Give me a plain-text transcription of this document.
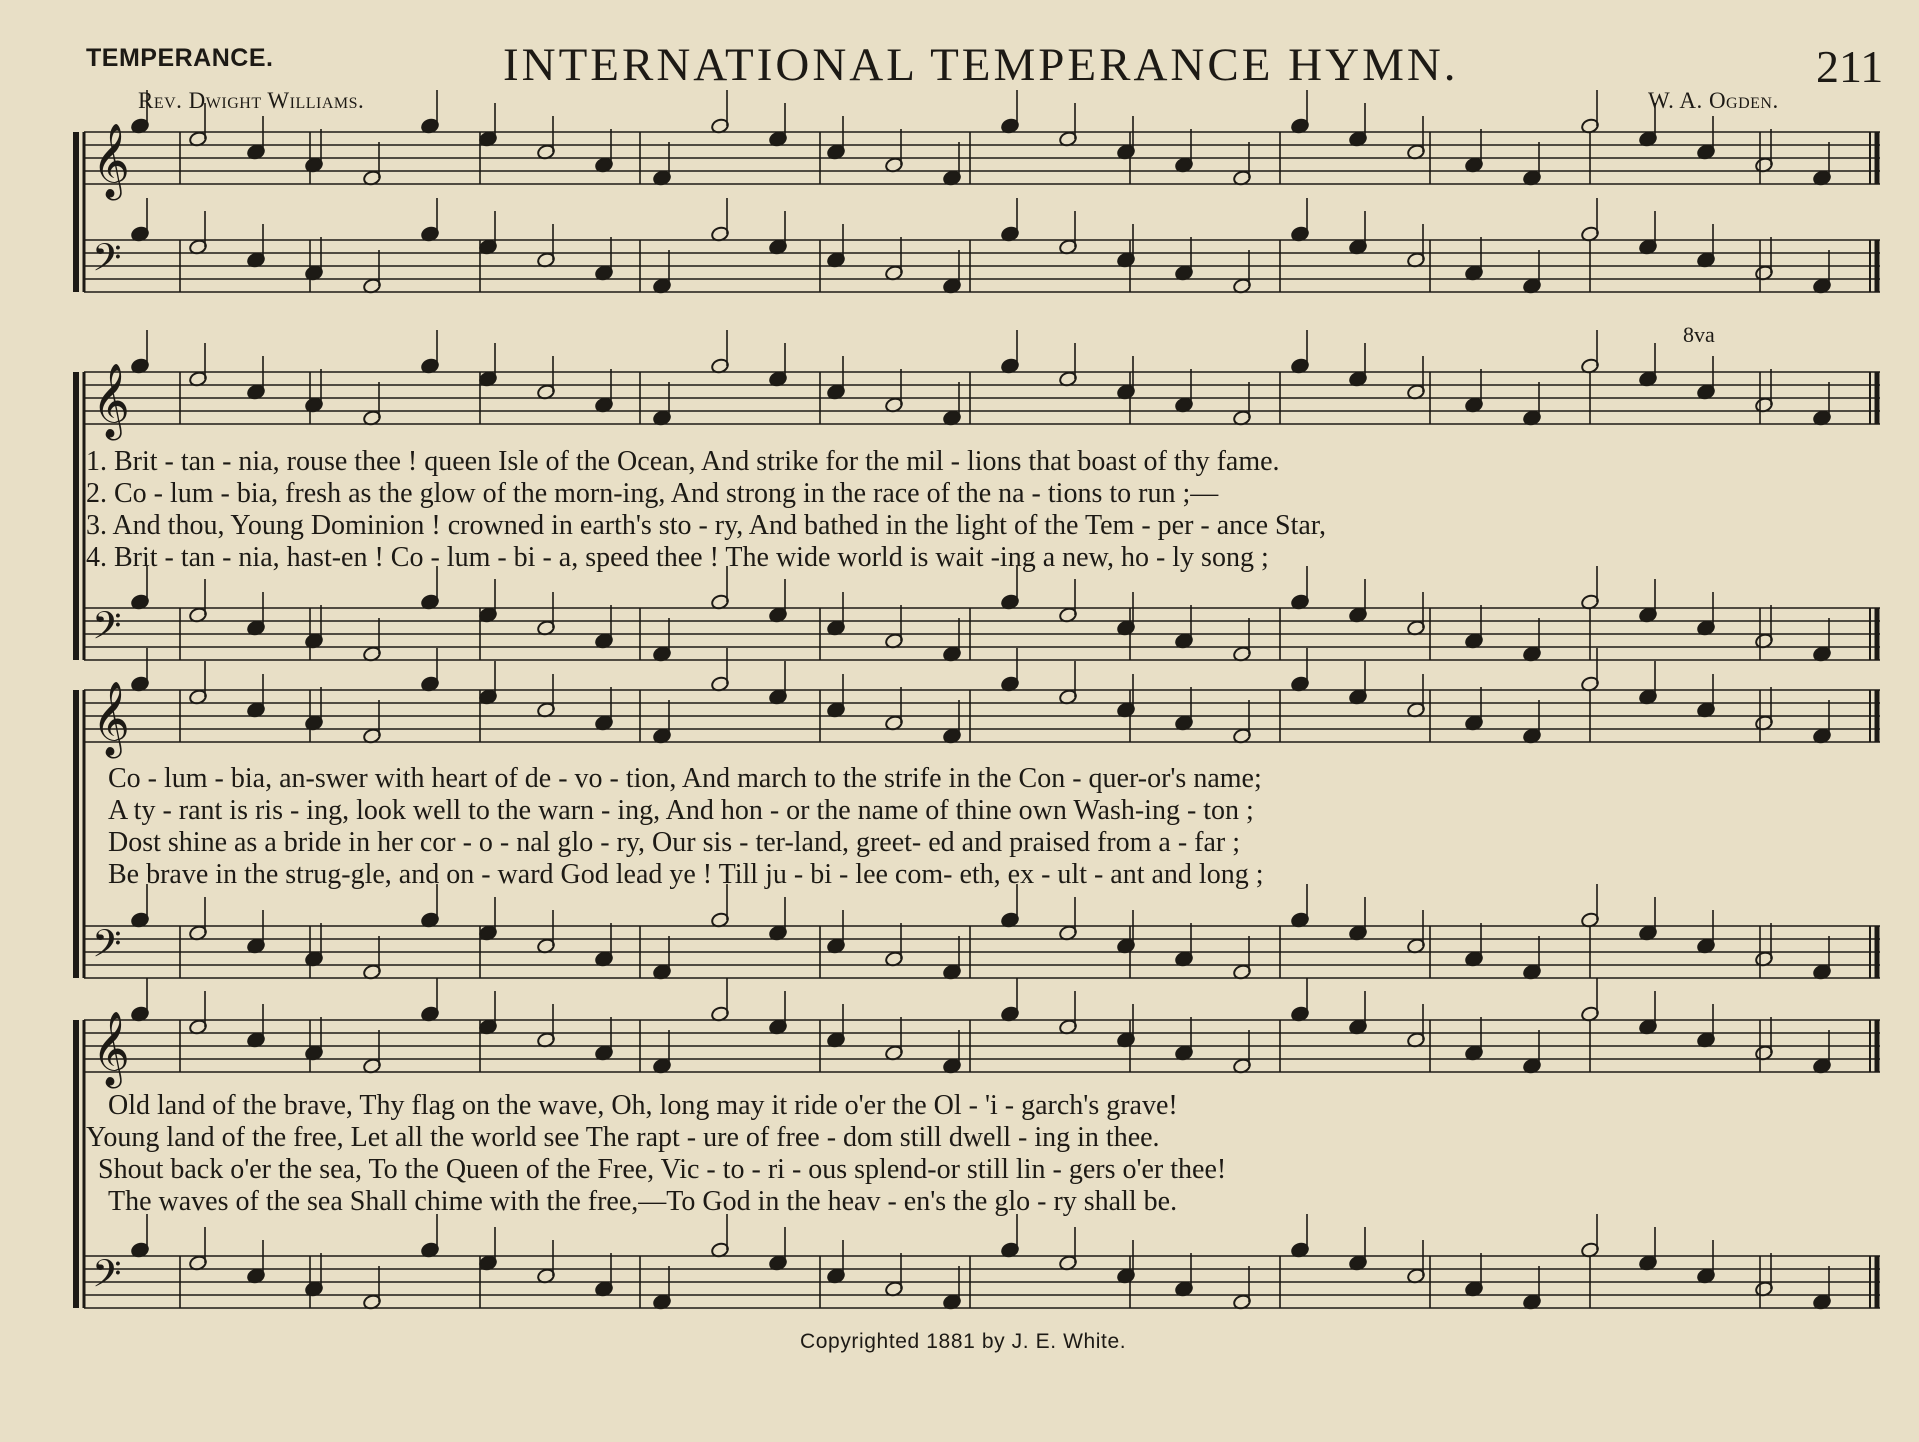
TEMPERANCE.	INTERNATIONAL TEMPERANCE HYMN.	211
Rev. Dwight Williams.	W. A. Ogden.
𝄞
𝄢
𝄞
𝄢
𝄞
𝄢
𝄞
𝄢
8va
1. Brit - tan - nia, rouse thee ! queen Isle of the Ocean, And strike for the mil - lions that boast of thy fame.
2. Co - lum - bia, fresh as the glow of the morn-ing, And strong in the race of the na - tions to run ;—
3. And thou, Young Dominion ! crowned in earth's sto - ry, And bathed in the light of the Tem - per - ance Star,
4. Brit - tan - nia, hast-en ! Co - lum - bi - a, speed thee ! The wide world is wait -ing a new, ho - ly song ;
Co - lum - bia, an-swer with heart of de - vo - tion, And march to the strife in the Con - quer-or's name;
A ty - rant is ris - ing, look well to the warn - ing, And hon - or the name of thine own Wash-ing - ton ;
Dost shine as a bride in her cor - o - nal glo - ry, Our sis - ter-land, greet- ed and praised from a - far ;
Be brave in the strug-gle, and on - ward God lead ye ! Till ju - bi - lee com- eth, ex - ult - ant and long ;
Old land of the brave, Thy flag on the wave, Oh, long may it ride o'er the Ol - 'i - garch's grave!
Young land of the free, Let all the world see The rapt - ure of free - dom still dwell - ing in thee.
Shout back o'er the sea, To the Queen of the Free, Vic - to - ri - ous splend-or still lin - gers o'er thee!
The waves of the sea Shall chime with the free,—To God in the heav - en's the glo - ry shall be.
Copyrighted 1881 by J. E. White.
